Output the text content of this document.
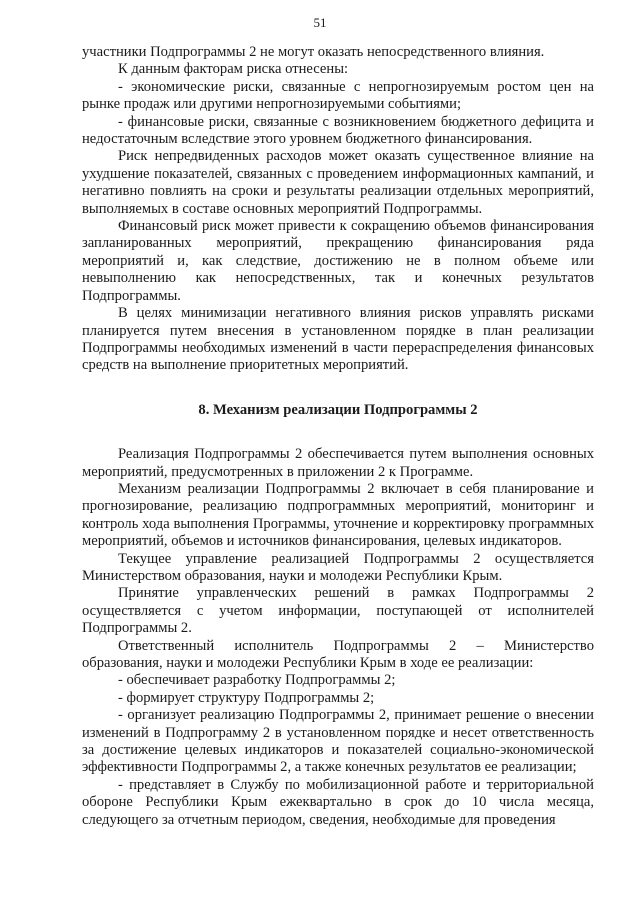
51

участники Подпрограммы 2 не могут оказать непосредственного влияния.

К данным факторам риска отнесены:

- экономические риски, связанные с непрогнозируемым ростом цен на рынке продаж или другими непрогнозируемыми событиями;

- финансовые риски, связанные с возникновением бюджетного дефицита и недостаточным вследствие этого уровнем бюджетного финансирования.

Риск непредвиденных расходов может оказать существенное влияние на ухудшение показателей, связанных с проведением информационных кампаний, и негативно повлиять на сроки и результаты реализации отдельных мероприятий, выполняемых в составе основных мероприятий Подпрограммы.

Финансовый риск может привести к сокращению объемов финансирования запланированных мероприятий, прекращению финансирования ряда мероприятий и, как следствие, достижению не в полном объеме или невыполнению как непосредственных, так и конечных результатов Подпрограммы.

В целях минимизации негативного влияния рисков управлять рисками планируется путем внесения в установленном порядке в план реализации Подпрограммы необходимых изменений в части перераспределения финансовых средств на выполнение приоритетных мероприятий.

8. Механизм реализации Подпрограммы 2

Реализация Подпрограммы 2 обеспечивается путем выполнения основных мероприятий, предусмотренных в приложении 2 к Программе.

Механизм реализации Подпрограммы 2 включает в себя планирование и прогнозирование, реализацию подпрограммных мероприятий, мониторинг и контроль хода выполнения Программы, уточнение и корректировку программных мероприятий, объемов и источников финансирования, целевых индикаторов.

Текущее управление реализацией Подпрограммы 2 осуществляется Министерством образования, науки и молодежи Республики Крым.

Принятие управленческих решений в рамках Подпрограммы 2 осуществляется с учетом информации, поступающей от исполнителей Подпрограммы 2.

Ответственный исполнитель Подпрограммы 2 – Министерство образования, науки и молодежи Республики Крым в ходе ее реализации:

- обеспечивает разработку Подпрограммы 2;

- формирует структуру Подпрограммы 2;

- организует реализацию Подпрограммы 2, принимает решение о внесении изменений в Подпрограмму 2 в установленном порядке и несет ответственность за достижение целевых индикаторов и показателей социально-экономической эффективности Подпрограммы 2, а также конечных результатов ее реализации;

- представляет в Службу по мобилизационной работе и территориальной обороне Республики Крым ежеквартально в срок до 10 числа месяца, следующего за отчетным периодом, сведения, необходимые для проведения
